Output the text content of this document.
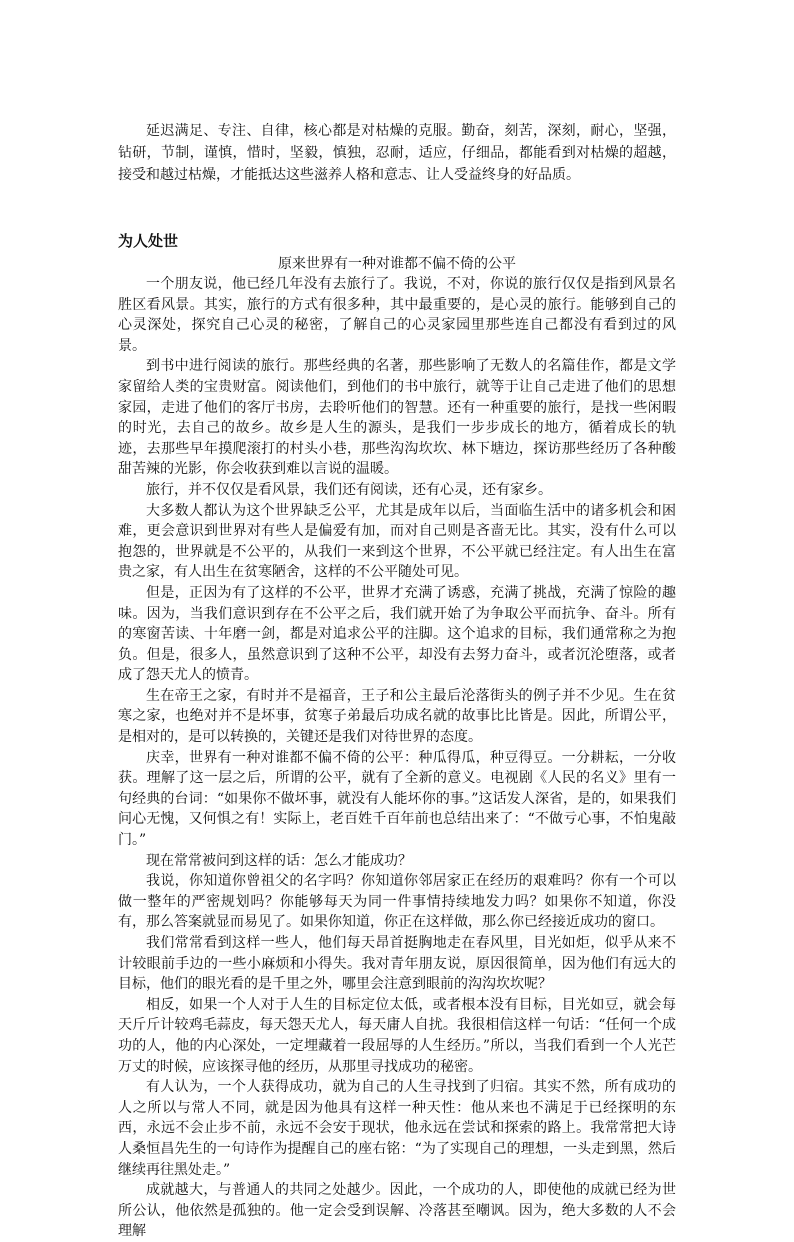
延迟满足、专注、自律，核心都是对枯燥的克服。勤奋，刻苦，深刻，耐心，坚强，钻研，节制，谨慎，惜时，坚毅，慎独，忍耐，适应，仔细品，都能看到对枯燥的超越，接受和越过枯燥，才能抵达这些滋养人格和意志、让人受益终身的好品质。

为人处世

原来世界有一种对谁都不偏不倚的公平

一个朋友说，他已经几年没有去旅行了。我说，不对，你说的旅行仅仅是指到风景名胜区看风景。其实，旅行的方式有很多种，其中最重要的，是心灵的旅行。能够到自己的心灵深处，探究自己心灵的秘密，了解自己的心灵家园里那些连自己都没有看到过的风景。

到书中进行阅读的旅行。那些经典的名著，那些影响了无数人的名篇佳作，都是文学家留给人类的宝贵财富。阅读他们，到他们的书中旅行，就等于让自己走进了他们的思想家园，走进了他们的客厅书房，去聆听他们的智慧。还有一种重要的旅行，是找一些闲暇的时光，去自己的故乡。故乡是人生的源头，是我们一步步成长的地方，循着成长的轨迹，去那些早年摸爬滚打的村头小巷，那些沟沟坎坎、林下塘边，探访那些经历了各种酸甜苦辣的光影，你会收获到难以言说的温暖。

旅行，并不仅仅是看风景，我们还有阅读，还有心灵，还有家乡。

大多数人都认为这个世界缺乏公平，尤其是成年以后，当面临生活中的诸多机会和困难，更会意识到世界对有些人是偏爱有加，而对自己则是吝啬无比。其实，没有什么可以抱怨的，世界就是不公平的，从我们一来到这个世界，不公平就已经注定。有人出生在富贵之家，有人出生在贫寒陋舍，这样的不公平随处可见。

但是，正因为有了这样的不公平，世界才充满了诱惑，充满了挑战，充满了惊险的趣味。因为，当我们意识到存在不公平之后，我们就开始了为争取公平而抗争、奋斗。所有的寒窗苦读、十年磨一剑，都是对追求公平的注脚。这个追求的目标，我们通常称之为抱负。但是，很多人，虽然意识到了这种不公平，却没有去努力奋斗，或者沉沦堕落，或者成了怨天尤人的愤青。

生在帝王之家，有时并不是福音，王子和公主最后沦落街头的例子并不少见。生在贫寒之家，也绝对并不是坏事，贫寒子弟最后功成名就的故事比比皆是。因此，所谓公平，是相对的，是可以转换的，关键还是我们对待世界的态度。

庆幸，世界有一种对谁都不偏不倚的公平：种瓜得瓜，种豆得豆。一分耕耘，一分收获。理解了这一层之后，所谓的公平，就有了全新的意义。电视剧《人民的名义》里有一句经典的台词：“如果你不做坏事，就没有人能坏你的事。”这话发人深省，是的，如果我们问心无愧，又何惧之有！实际上，老百姓千百年前也总结出来了：“不做亏心事，不怕鬼敲门。”

现在常常被问到这样的话：怎么才能成功？

我说，你知道你曾祖父的名字吗？你知道你邻居家正在经历的艰难吗？你有一个可以做一整年的严密规划吗？你能够每天为同一件事情持续地发力吗？如果你不知道，你没有，那么答案就显而易见了。如果你知道，你正在这样做，那么你已经接近成功的窗口。

我们常常看到这样一些人，他们每天昂首挺胸地走在春风里，目光如炬，似乎从来不计较眼前手边的一些小麻烦和小得失。我对青年朋友说，原因很简单，因为他们有远大的目标，他们的眼光看的是千里之外，哪里会注意到眼前的沟沟坎坎呢？

相反，如果一个人对于人生的目标定位太低，或者根本没有目标，目光如豆，就会每天斤斤计较鸡毛蒜皮，每天怨天尤人，每天庸人自扰。我很相信这样一句话：“任何一个成功的人，他的内心深处，一定埋藏着一段屈辱的人生经历。”所以，当我们看到一个人光芒万丈的时候，应该探寻他的经历，从那里寻找成功的秘密。

有人认为，一个人获得成功，就为自己的人生寻找到了归宿。其实不然，所有成功的人之所以与常人不同，就是因为他具有这样一种天性：他从来也不满足于已经探明的东西，永远不会止步不前，永远不会安于现状，他永远在尝试和探索的路上。我常常把大诗人桑恒昌先生的一句诗作为提醒自己的座右铭：“为了实现自己的理想，一头走到黑，然后继续再往黑处走。”

成就越大，与普通人的共同之处越少。因此，一个成功的人，即使他的成就已经为世所公认，他依然是孤独的。他一定会受到误解、冷落甚至嘲讽。因为，绝大多数的人不会理解
